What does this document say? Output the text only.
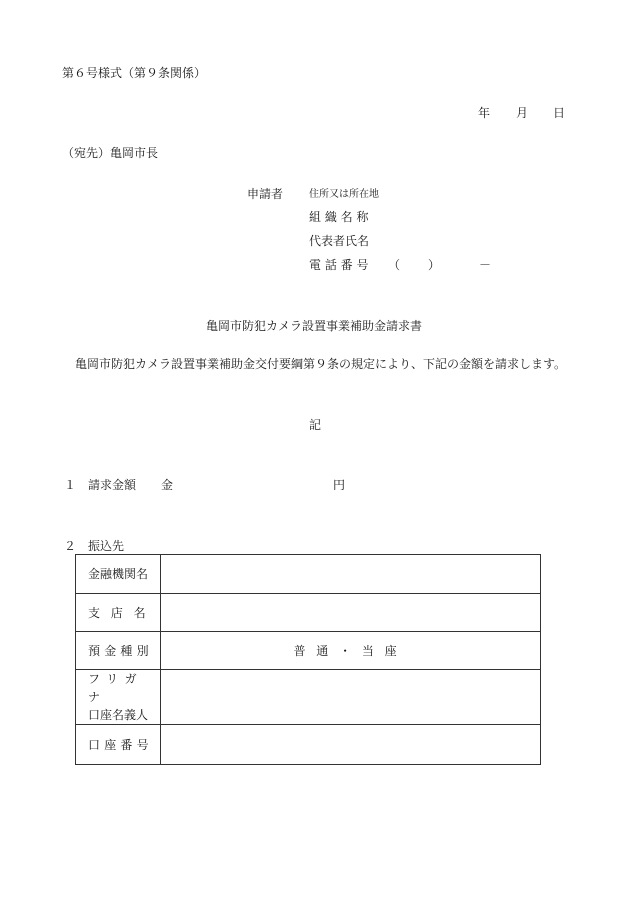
第６号様式（第９条関係）
年 月 日
（宛先）亀岡市長
申請者	住所又は所在地
組 織 名 称
代表者氏名
電 話 番 号 （ ）	－
亀岡市防犯カメラ設置事業補助金請求書
亀岡市防犯カメラ設置事業補助金交付要綱第９条の規定により、下記の金額を請求します。
記
１ 請求金額 金	円
２ 振込先
金融機関名	
支店名	
預金種別	普通・当座

フリガナ
口座名義人	

口座番号	
